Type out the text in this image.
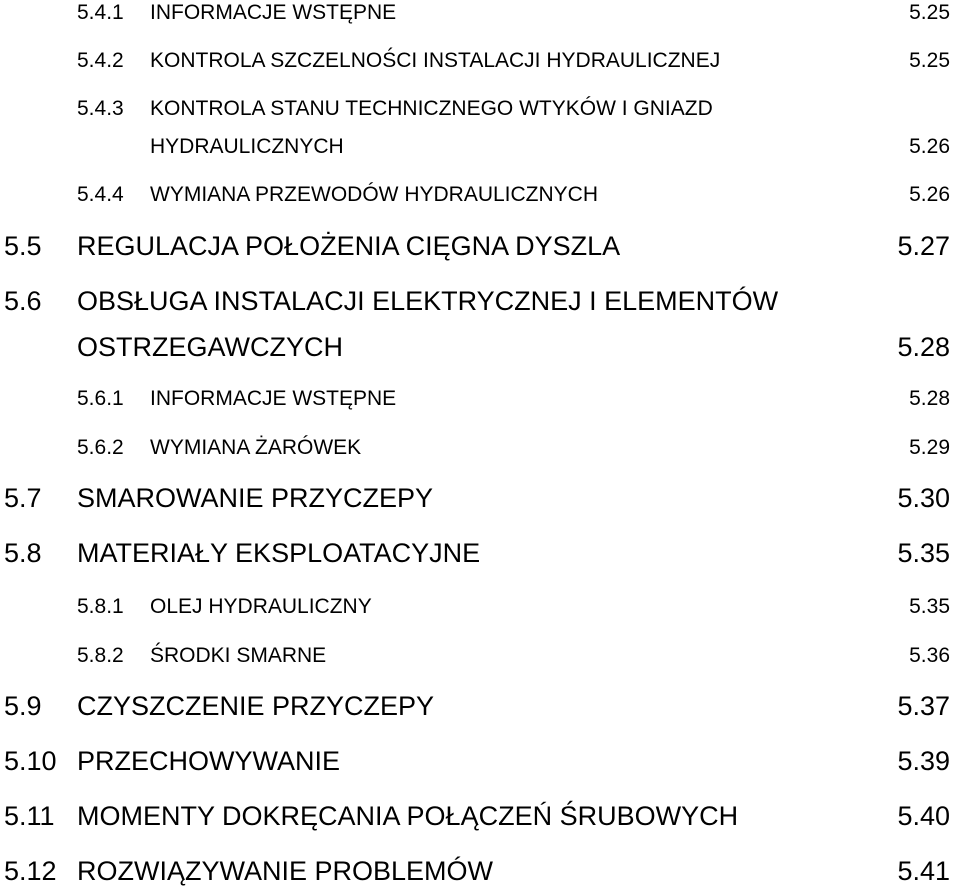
5.4.1 INFORMACJE WSTĘPNE	5.25
5.4.2 KONTROLA SZCZELNOŚCI INSTALACJI HYDRAULICZNEJ	5.25
5.4.3 KONTROLA STANU TECHNICZNEGO WTYKÓW I GNIAZD
HYDRAULICZNYCH	5.26
5.4.4 WYMIANA PRZEWODÓW HYDRAULICZNYCH	5.26
5.5 REGULACJA POŁOŻENIA CIĘGNA DYSZLA	5.27
5.6 OBSŁUGA INSTALACJI ELEKTRYCZNEJ I ELEMENTÓW
OSTRZEGAWCZYCH	5.28
5.6.1 INFORMACJE WSTĘPNE	5.28
5.6.2 WYMIANA ŻARÓWEK	5.29
5.7 SMAROWANIE PRZYCZEPY	5.30
5.8 MATERIAŁY EKSPLOATACYJNE	5.35
5.8.1 OLEJ HYDRAULICZNY	5.35
5.8.2 ŚRODKI SMARNE	5.36
5.9 CZYSZCZENIE PRZYCZEPY	5.37
5.10 PRZECHOWYWANIE	5.39
5.11 MOMENTY DOKRĘCANIA POŁĄCZEŃ ŚRUBOWYCH	5.40
5.12 ROZWIĄZYWANIE PROBLEMÓW	5.41
